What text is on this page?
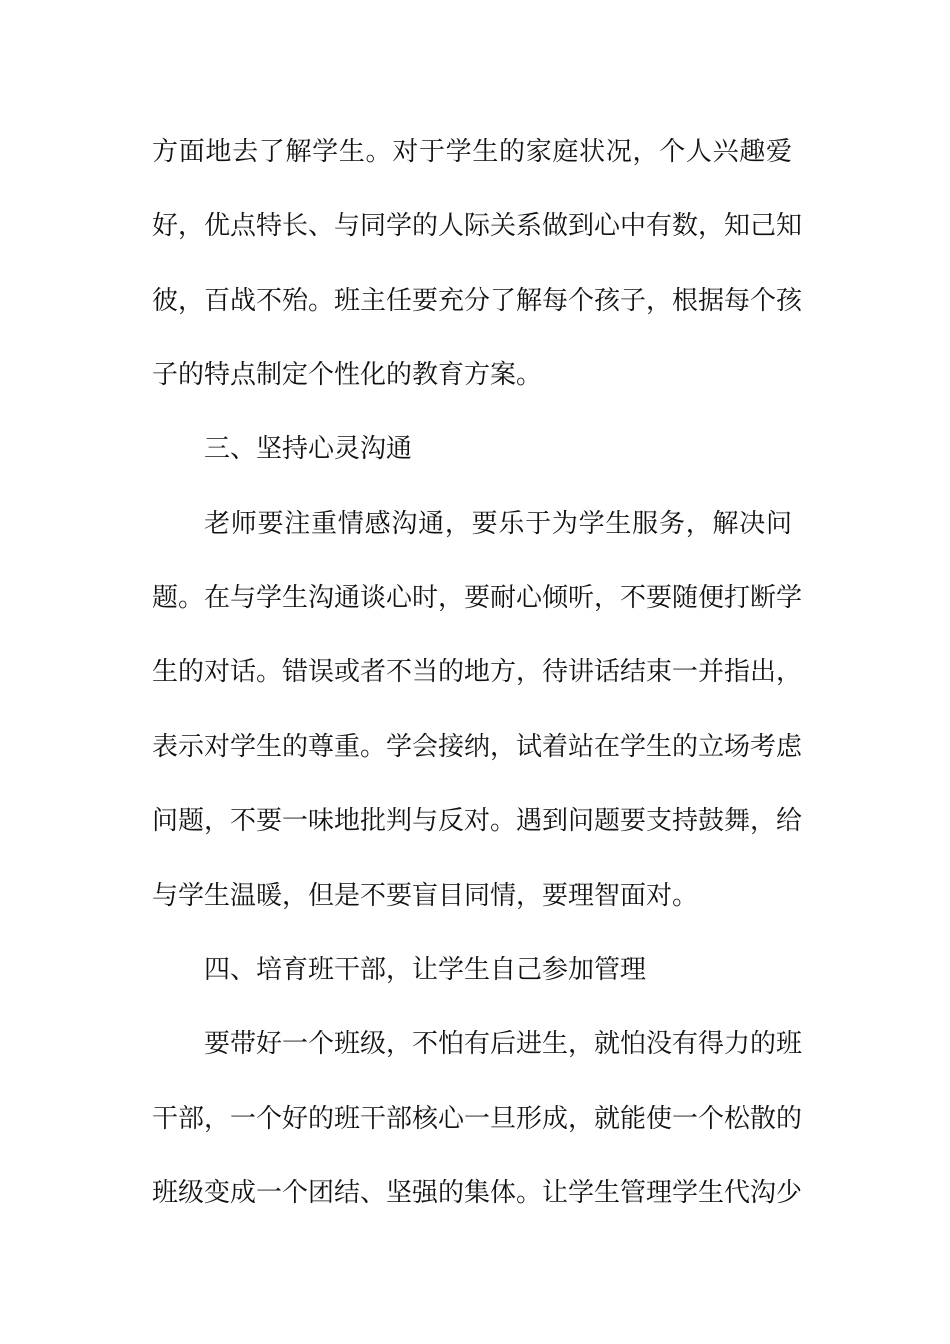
方面地去了解学生。对于学生的家庭状况，个人兴趣爱
好，优点特长、与同学的人际关系做到心中有数，知己知
彼，百战不殆。班主任要充分了解每个孩子，根据每个孩
子的特点制定个性化的教育方案。
三、坚持心灵沟通
老师要注重情感沟通，要乐于为学生服务，解决问
题。在与学生沟通谈心时，要耐心倾听，不要随便打断学
生的对话。错误或者不当的地方，待讲话结束一并指出，
表示对学生的尊重。学会接纳，试着站在学生的立场考虑
问题，不要一味地批判与反对。遇到问题要支持鼓舞，给
与学生温暖，但是不要盲目同情，要理智面对。
四、培育班干部，让学生自己参加管理
要带好一个班级，不怕有后进生，就怕没有得力的班
干部，一个好的班干部核心一旦形成，就能使一个松散的
班级变成一个团结、坚强的集体。让学生管理学生代沟少
